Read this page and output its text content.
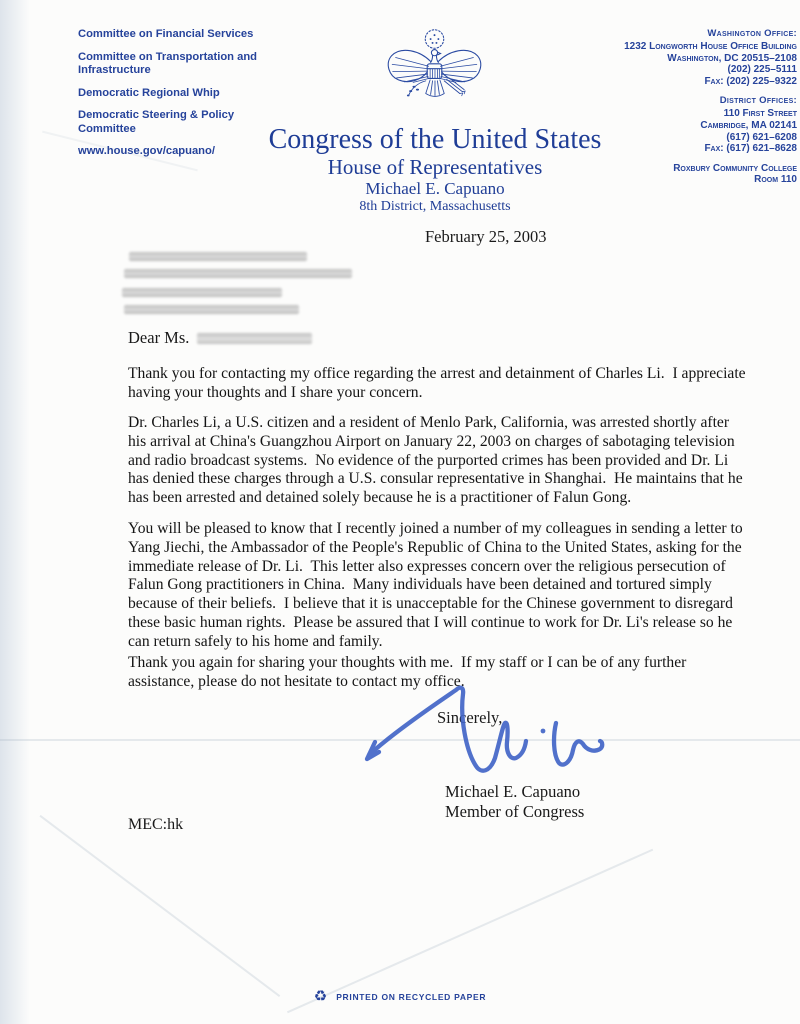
Committee on Financial Services
Committee on Transportation and Infrastructure
Democratic Regional Whip
Democratic Steering & Policy Committee
www.house.gov/capuano/
Washington Office:
1232 Longworth House Office Building
Washington, DC 20515–2108
(202) 225–5111
Fax: (202) 225–9322
District Offices:
110 First Street
Cambridge, MA 02141
(617) 621–6208
Fax: (617) 621–8628
Roxbury Community College
Room 110
Congress of the United States
House of Representatives
Michael E. Capuano
8th District, Massachusetts
February 25, 2003
Dear Ms.
Thank you for contacting my office regarding the arrest and detainment of Charles Li.  I appreciate
having your thoughts and I share your concern.
Dr. Charles Li, a U.S. citizen and a resident of Menlo Park, California, was arrested shortly after
his arrival at China's Guangzhou Airport on January 22, 2003 on charges of sabotaging television
and radio broadcast systems.  No evidence of the purported crimes has been provided and Dr. Li
has denied these charges through a U.S. consular representative in Shanghai.  He maintains that he
has been arrested and detained solely because he is a practitioner of Falun Gong.
You will be pleased to know that I recently joined a number of my colleagues in sending a letter to
Yang Jiechi, the Ambassador of the People's Republic of China to the United States, asking for the
immediate release of Dr. Li.  This letter also expresses concern over the religious persecution of
Falun Gong practitioners in China.  Many individuals have been detained and tortured simply
because of their beliefs.  I believe that it is unacceptable for the Chinese government to disregard
these basic human rights.  Please be assured that I will continue to work for Dr. Li's release so he
can return safely to his home and family.
Thank you again for sharing your thoughts with me.  If my staff or I can be of any further
assistance, please do not hesitate to contact my office.
Sincerely,
Michael E. Capuano
Member of Congress
MEC:hk
♻ PRINTED ON RECYCLED PAPER
